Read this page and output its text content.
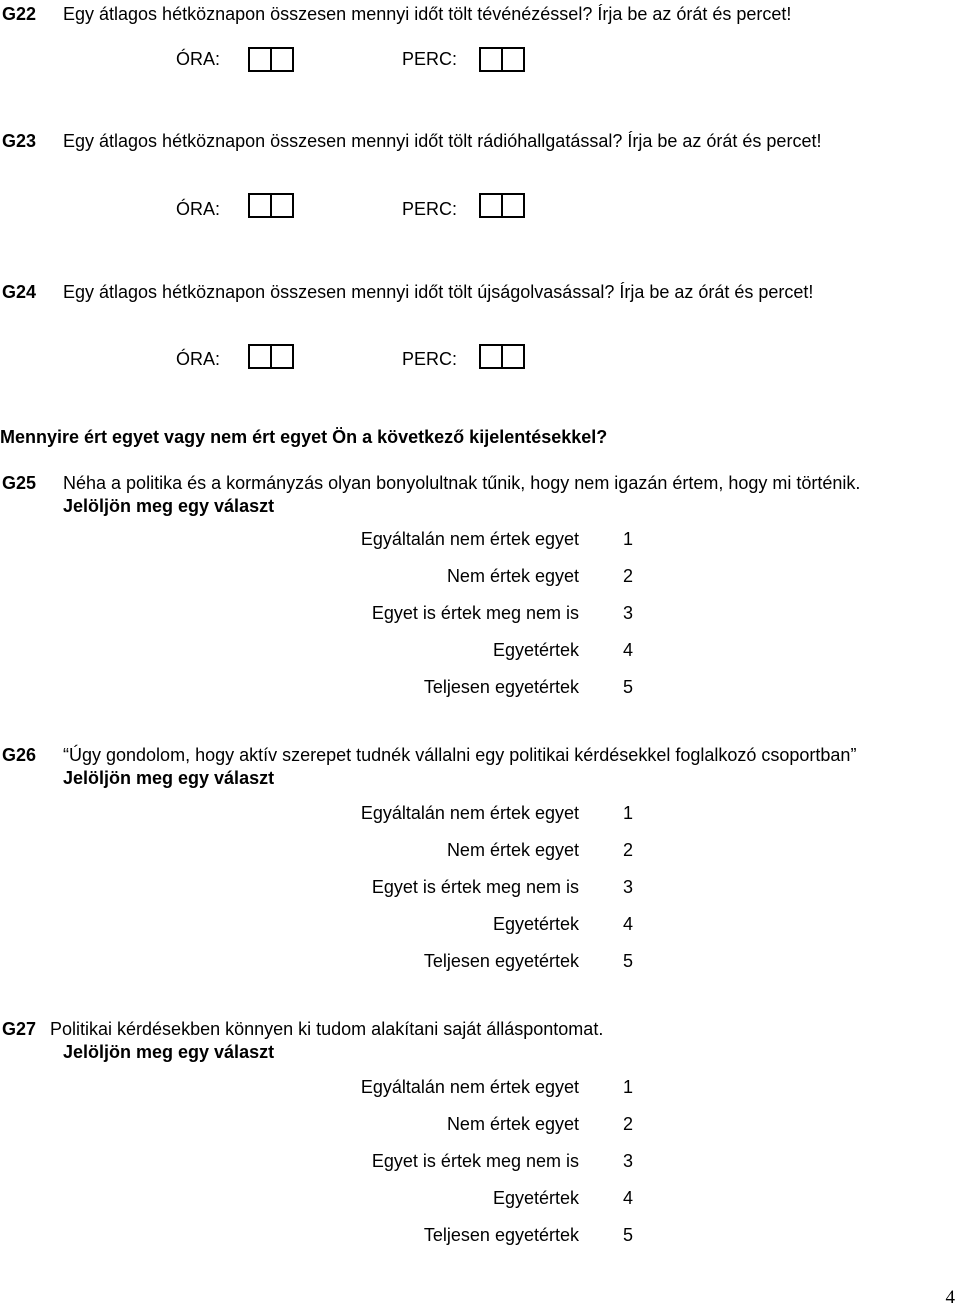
G22 Egy átlagos hétköznapon összesen mennyi időt tölt tévénézéssel? Írja be az órát és percet!
ÓRA:	PERC:
G23 Egy átlagos hétköznapon összesen mennyi időt tölt rádióhallgatással? Írja be az órát és percet!
ÓRA:	PERC:
G24 Egy átlagos hétköznapon összesen mennyi időt tölt újságolvasással? Írja be az órát és percet!
ÓRA:	PERC:
Mennyire ért egyet vagy nem ért egyet Ön a következő kijelentésekkel?
G25 Néha a politika és a kormányzás olyan bonyolultnak tűnik, hogy nem igazán értem, hogy mi történik.
Jelöljön meg egy választ
Egyáltalán nem értek egyet 1
Nem értek egyet 2
Egyet is értek meg nem is 3
Egyetértek 4
Teljesen egyetértek 5
G26 “Úgy gondolom, hogy aktív szerepet tudnék vállalni egy politikai kérdésekkel foglalkozó csoportban”
Jelöljön meg egy választ
Egyáltalán nem értek egyet 1
Nem értek egyet 2
Egyet is értek meg nem is 3
Egyetértek 4
Teljesen egyetértek 5
G27 Politikai kérdésekben könnyen ki tudom alakítani saját álláspontomat.
Jelöljön meg egy választ
Egyáltalán nem értek egyet 1
Nem értek egyet 2
Egyet is értek meg nem is 3
Egyetértek 4
Teljesen egyetértek 5
4
